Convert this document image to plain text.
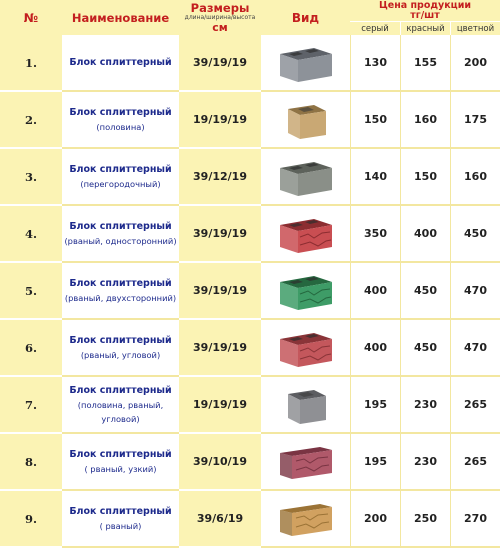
№	Наименование	Размеры
длина/ширина/высота
см	Вид	Цена продукции
тг/шт		
				серый	красный	цветной
1.	Блок сплиттерный	39/19/19		130	155	200
2.	Блок сплиттерный
(половина)	19/19/19		150	160	175
3.	Блок сплиттерный
(перегородочный)	39/12/19		140	150	160
4.	Блок сплиттерный
(рваный, односторонний)	39/19/19		350	400	450
5.	Блок сплиттерный
(рваный, двухсторонний)	39/19/19		400	450	470
6.	Блок сплиттерный
(рваный, угловой)	39/19/19		400	450	470
7.	Блок сплиттерный
(половина, рваный, угловой)	19/19/19		195	230	265
8.	Блок сплиттерный
( рваный, узкий)	39/10/19		195	230	265
9.	Блок сплиттерный
( рваный)	39/6/19		200	250	270
